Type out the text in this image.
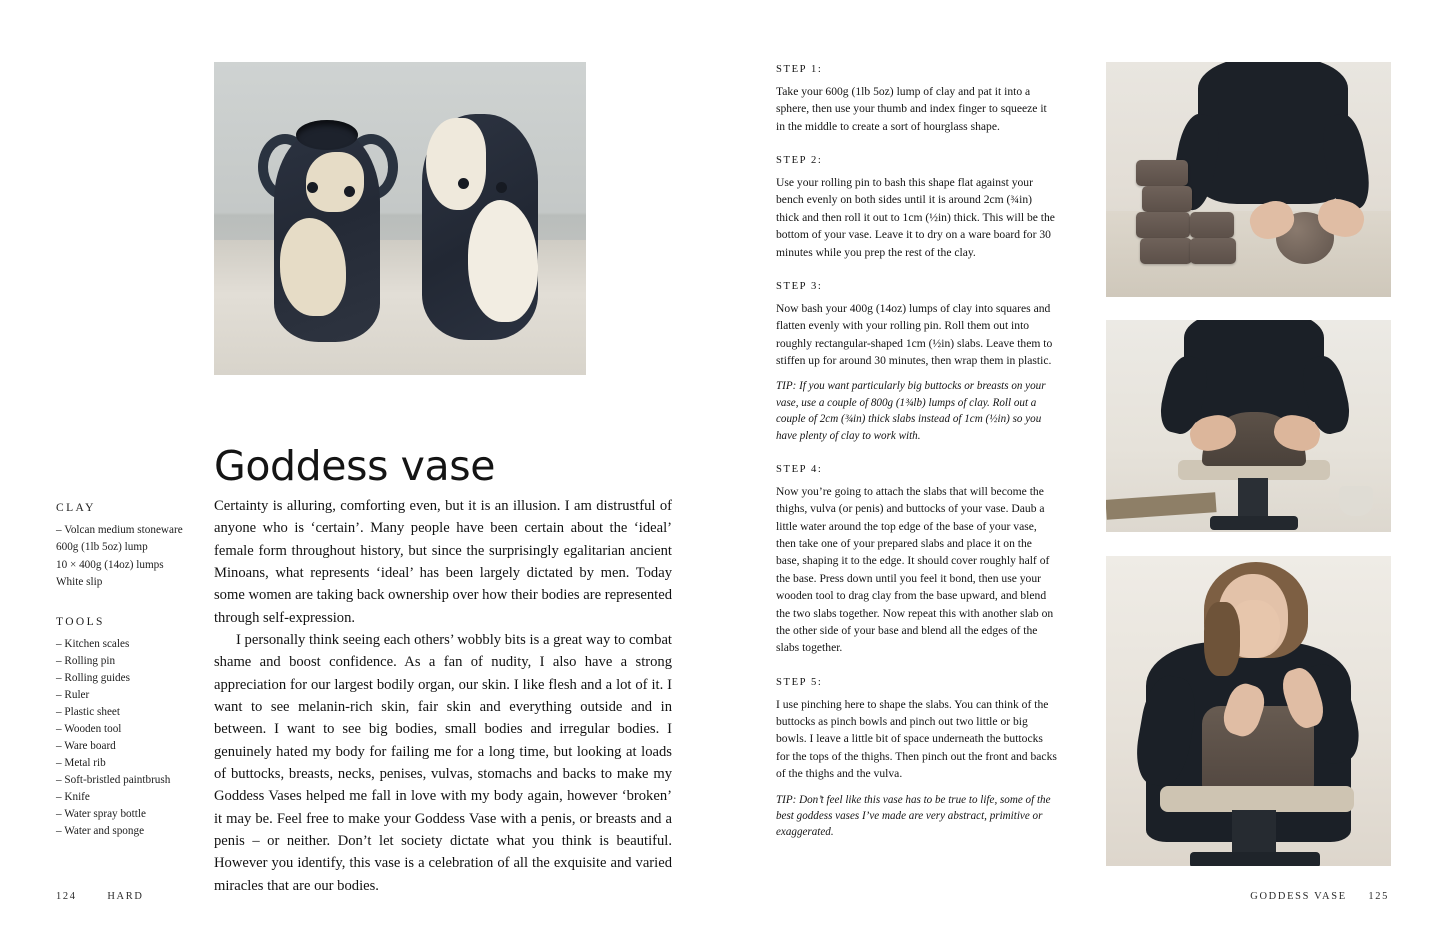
Goddess vase
CLAY
– Volcan medium stoneware
600g (1lb 5oz) lump
10 × 400g (14oz) lumps
White slip
TOOLS
– Kitchen scales
– Rolling pin
– Rolling guides
– Ruler
– Plastic sheet
– Wooden tool
– Ware board
– Metal rib
– Soft-bristled paintbrush
– Knife
– Water spray bottle
– Water and sponge

Certainty is alluring, comforting even, but it is an illusion. I am distrustful of anyone who is ‘certain’. Many people have been certain about the ‘ideal’ female form throughout history, but since the surprisingly egalitarian ancient Minoans, what represents ‘ideal’ has been largely dictated by men. Today some women are taking back ownership over how their bodies are represented through self-expression.

I personally think seeing each others’ wobbly bits is a great way to combat shame and boost confidence. As a fan of nudity, I also have a strong appreciation for our largest bodily organ, our skin. I like flesh and a lot of it. I want to see melanin-rich skin, fair skin and everything outside and in between. I want to see big bodies, small bodies and irregular bodies. I genuinely hated my body for failing me for a long time, but looking at loads of buttocks, breasts, necks, penises, vulvas, stomachs and backs to make my Goddess Vases helped me fall in love with my body again, however ‘broken’ it may be. Feel free to make your Goddess Vase with a penis, or breasts and a penis – or neither. Don’t let society dictate what you think is beautiful. However you identify, this vase is a celebration of all the exquisite and varied miracles that are our bodies.

124	HARD
STEP 1:

Take your 600g (1lb 5oz) lump of clay and pat it into a sphere, then use your thumb and index finger to squeeze it in the middle to create a sort of hourglass shape.

STEP 2:

Use your rolling pin to bash this shape flat against your bench evenly on both sides until it is around 2cm (¾in) thick and then roll it out to 1cm (½in) thick. This will be the bottom of your vase. Leave it to dry on a ware board for 30 minutes while you prep the rest of the clay.

STEP 3:

Now bash your 400g (14oz) lumps of clay into squares and flatten evenly with your rolling pin. Roll them out into roughly rectangular-shaped 1cm (½in) slabs. Leave them to stiffen up for around 30 minutes, then wrap them in plastic.

TIP: If you want particularly big buttocks or breasts on your vase, use a couple of 800g (1¾lb) lumps of clay. Roll out a couple of 2cm (¾in) thick slabs instead of 1cm (½in) so you have plenty of clay to work with.

STEP 4:

Now you’re going to attach the slabs that will become the thighs, vulva (or penis) and buttocks of your vase. Daub a little water around the top edge of the base of your vase, then take one of your prepared slabs and place it on the base, shaping it to the edge. It should cover roughly half of the base. Press down until you feel it bond, then use your wooden tool to drag clay from the base upward, and blend the two slabs together. Now repeat this with another slab on the other side of your base and blend all the edges of the slabs together.

STEP 5:

I use pinching here to shape the slabs. You can think of the buttocks as pinch bowls and pinch out two little or big bowls. I leave a little bit of space underneath the buttocks for the tops of the thighs. Then pinch out the front and backs of the thighs and the vulva.

TIP: Don’t feel like this vase has to be true to life, some of the best goddess vases I’ve made are very abstract, primitive or exaggerated.

GODDESS VASE 125
